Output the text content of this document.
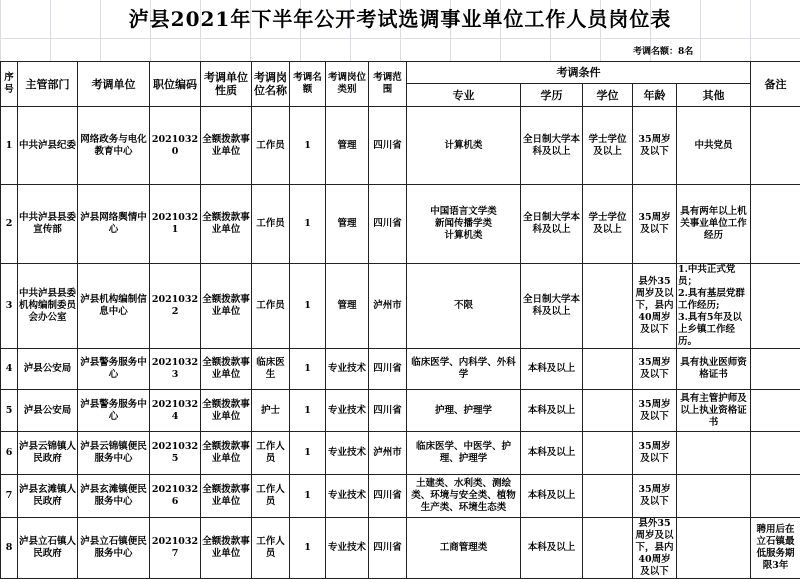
泸县2021年下半年公开考试选调事业单位工作人员岗位表
考调名额：8名
序号	主管部门	考调单位	职位编码	考调单位性质	考调岗位名称	考调名额	考调岗位类别	考调范围	考调条件					备注
									专业	学历	学位	年龄	其他	
1	中共泸县纪委	网络政务与电化教育中心	20210320	全额拨款事业单位	工作员	1	管理	四川省	计算机类	全日制大学本科及以上	学士学位及以上	35周岁及以下	中共党员	
2	中共泸县县委宣传部	泸县网络舆情中心	20210321	全额拨款事业单位	工作员	1	管理	四川省	中国语言文学类
新闻传播学类
计算机类	全日制大学本科及以上	学士学位及以上	35周岁及以下	具有两年以上机关事业单位工作经历	
3	中共泸县县委机构编制委员会办公室	泸县机构编制信息中心	20210322	全额拨款事业单位	工作员	1	管理	泸州市	不限	全日制大学本科及以上		县外35周岁及以下，县内40周岁及以下	1.中共正式党员；
2.具有基层党群工作经历;
3.具有5年及以上乡镇工作经历。	
4	泸县公安局	泸县警务服务中心	20210323	全额拨款事业单位	临床医生	1	专业技术	四川省	临床医学、内科学、外科学	本科及以上		35周岁及以下	具有执业医师资格证书	
5	泸县公安局	泸县警务服务中心	20210324	全额拨款事业单位	护士	1	专业技术	四川省	护理、护理学	本科及以上		35周岁及以下	具有主管护师及以上执业资格证书	
6	泸县云锦镇人民政府	泸县云锦镇便民服务中心	20210325	全额拨款事业单位	工作人员	1	专业技术	泸州市	临床医学、中医学、护理、护理学	本科及以上		35周岁及以下		
7	泸县玄滩镇人民政府	泸县玄滩镇便民服务中心	20210326	全额拨款事业单位	工作人员	1	专业技术	四川省	土建类、水利类、测绘类、环境与安全类、植物生产类、环境生态类	本科及以上		35周岁及以下		
8	泸县立石镇人民政府	泸县立石镇便民服务中心	20210327	全额拨款事业单位	工作人员	1	专业技术	四川省	工商管理类	本科及以上		县外35周岁及以下，县内40周岁及以下		聘用后在立石镇最低服务期限3年
